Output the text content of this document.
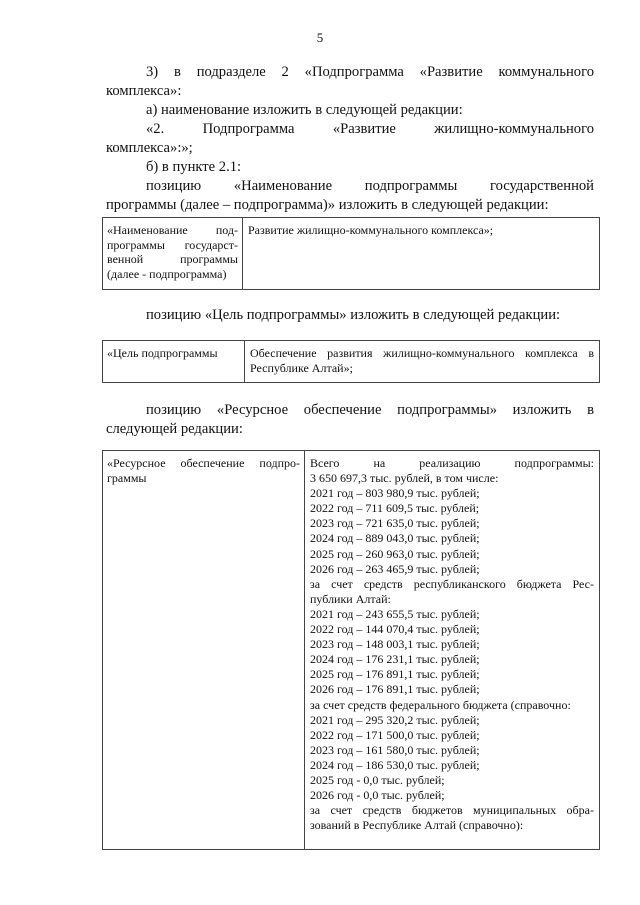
5
3) в подразделе 2 «Подпрограмма «Развитие коммунального
комплекса»:
а) наименование изложить в следующей редакции:
«2. Подпрограмма «Развитие жилищно-коммунального
комплекса»:»;
б) в пункте 2.1:
позицию «Наименование подпрограммы государственной
программы (далее – подпрограмма)» изложить в следующей редакции:
«Наименование под-
программы государст-
венной программы
(далее - подпрограмма)
Развитие жилищно-коммунального комплекса»;
позицию «Цель подпрограммы» изложить в следующей редакции:
«Цель подпрограммы	Обеспечение развития жилищно-коммунального комплекса в
Республике Алтай»;
позицию «Ресурсное обеспечение подпрограммы» изложить в
следующей редакции:
«Ресурсное обеспечение подпро-
граммы
Всего на реализацию подпрограммы:
3 650 697,3 тыс. рублей, в том числе:
2021 год – 803 980,9 тыс. рублей;
2022 год – 711 609,5 тыс. рублей;
2023 год – 721 635,0 тыс. рублей;
2024 год – 889 043,0 тыс. рублей;
2025 год – 260 963,0 тыс. рублей;
2026 год – 263 465,9 тыс. рублей;
за счет средств республиканского бюджета Рес-
публики Алтай:
2021 год – 243 655,5 тыс. рублей;
2022 год – 144 070,4 тыс. рублей;
2023 год – 148 003,1 тыс. рублей;
2024 год – 176 231,1 тыс. рублей;
2025 год – 176 891,1 тыс. рублей;
2026 год – 176 891,1 тыс. рублей;
за счет средств федерального бюджета (справочно:
2021 год – 295 320,2 тыс. рублей;
2022 год – 171 500,0 тыс. рублей;
2023 год – 161 580,0 тыс. рублей;
2024 год – 186 530,0 тыс. рублей;
2025 год - 0,0 тыс. рублей;
2026 год - 0,0 тыс. рублей;
за счет средств бюджетов муниципальных обра-
зований в Республике Алтай (справочно):
